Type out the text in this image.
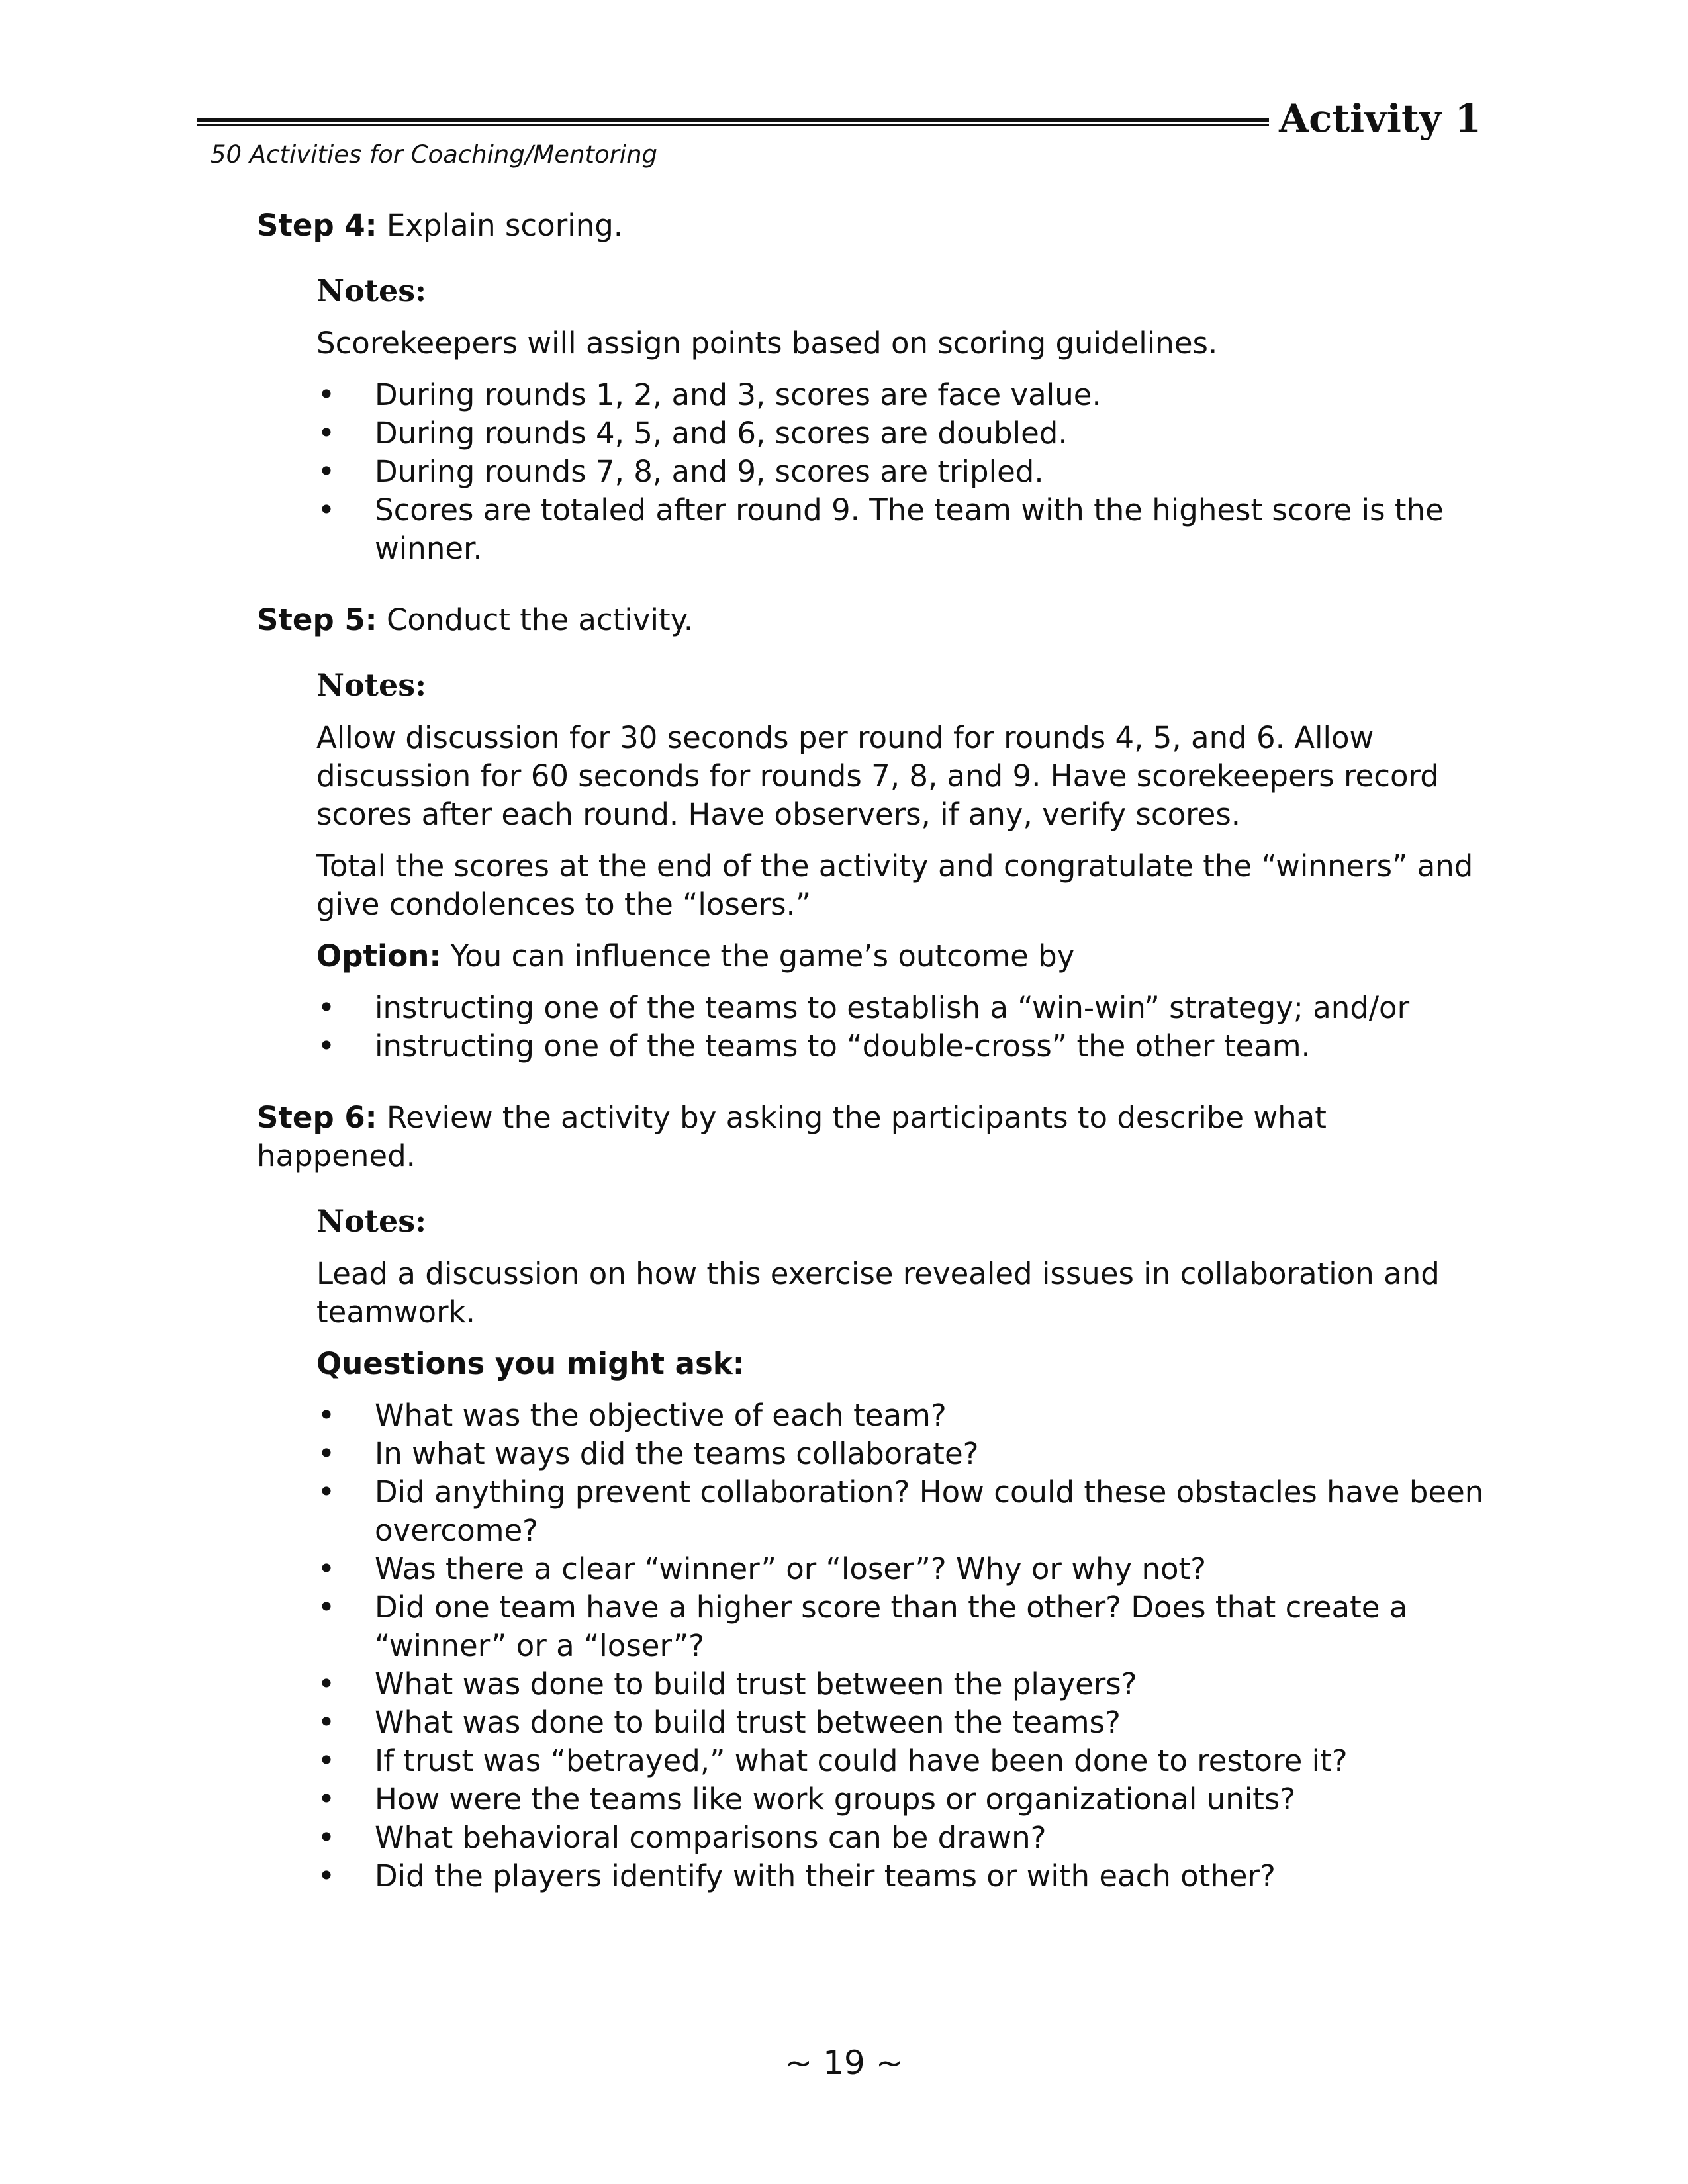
Activity 1
50 Activities for Coaching/Mentoring
Step 4: Explain scoring.
Notes:

Scorekeepers will assign points based on scoring guidelines.

• During rounds 1, 2, and 3, scores are face value.
• During rounds 4, 5, and 6, scores are doubled.
• During rounds 7, 8, and 9, scores are tripled.
• Scores are totaled after round 9. The team with the highest score is the winner.
Step 5: Conduct the activity.
Notes:

Allow discussion for 30 seconds per round for rounds 4, 5, and 6. Allow discussion for 60 seconds for rounds 7, 8, and 9. Have scorekeepers record scores after each round. Have observers, if any, verify scores.

Total the scores at the end of the activity and congratulate the “winners” and give condolences to the “losers.”

Option: You can influence the game’s outcome by

• instructing one of the teams to establish a “win-win” strategy; and/or
• instructing one of the teams to “double-cross” the other team.
Step 6: Review the activity by asking the participants to describe what happened.
Notes:

Lead a discussion on how this exercise revealed issues in collaboration and teamwork.

Questions you might ask:

• What was the objective of each team?
• In what ways did the teams collaborate?
• Did anything prevent collaboration? How could these obstacles have been overcome?
• Was there a clear “winner” or “loser”? Why or why not?
• Did one team have a higher score than the other? Does that create a “winner” or a “loser”?
• What was done to build trust between the players?
• What was done to build trust between the teams?
• If trust was “betrayed,” what could have been done to restore it?
• How were the teams like work groups or organizational units?
• What behavioral comparisons can be drawn?
• Did the players identify with their teams or with each other?
~ 19 ~
